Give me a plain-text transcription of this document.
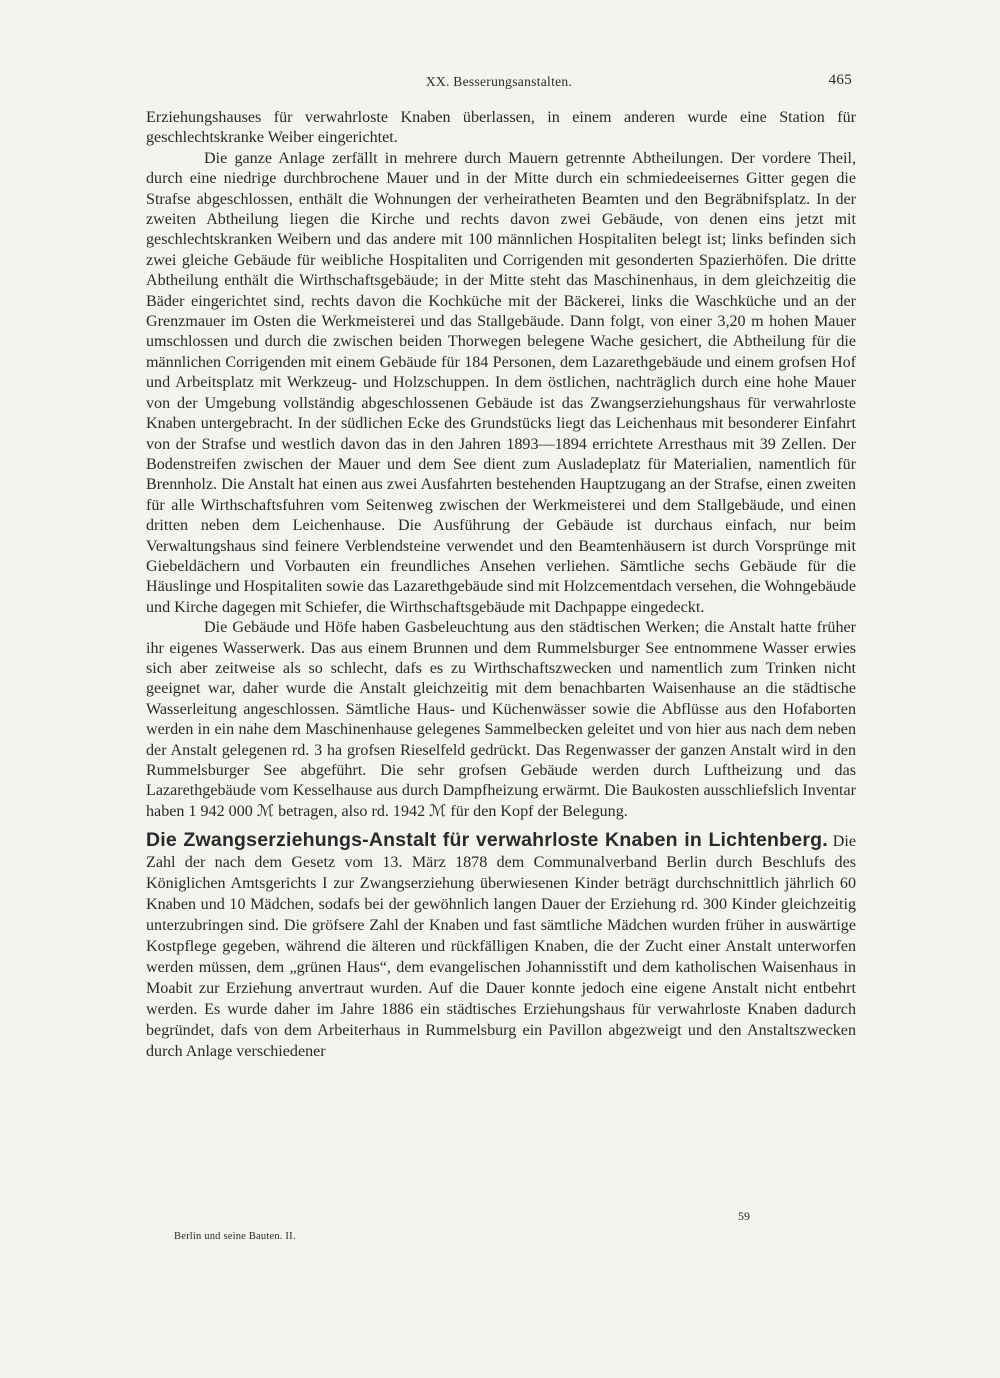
XX. Besserungsanstalten.	465

Erziehungshauses für verwahrloste Knaben überlassen, in einem anderen wurde eine Station für geschlechtskranke Weiber eingerichtet.

Die ganze Anlage zerfällt in mehrere durch Mauern getrennte Abtheilungen. Der vordere Theil, durch eine niedrige durchbrochene Mauer und in der Mitte durch ein schmiedeeisernes Gitter gegen die Strafse abgeschlossen, enthält die Wohnungen der verheiratheten Beamten und den Begräbnifsplatz. In der zweiten Abtheilung liegen die Kirche und rechts davon zwei Gebäude, von denen eins jetzt mit geschlechtskranken Weibern und das andere mit 100 männlichen Hospitaliten belegt ist; links befinden sich zwei gleiche Gebäude für weibliche Hospitaliten und Corrigenden mit gesonderten Spazierhöfen. Die dritte Abtheilung enthält die Wirthschaftsgebäude; in der Mitte steht das Maschinenhaus, in dem gleichzeitig die Bäder eingerichtet sind, rechts davon die Kochküche mit der Bäckerei, links die Waschküche und an der Grenzmauer im Osten die Werkmeisterei und das Stallgebäude. Dann folgt, von einer 3,20 m hohen Mauer umschlossen und durch die zwischen beiden Thorwegen belegene Wache gesichert, die Abtheilung für die männlichen Corrigenden mit einem Gebäude für 184 Personen, dem Lazarethgebäude und einem grofsen Hof und Arbeitsplatz mit Werkzeug- und Holzschuppen. In dem östlichen, nachträglich durch eine hohe Mauer von der Umgebung vollständig abgeschlossenen Gebäude ist das Zwangserziehungshaus für verwahrloste Knaben untergebracht. In der südlichen Ecke des Grundstücks liegt das Leichenhaus mit besonderer Einfahrt von der Strafse und westlich davon das in den Jahren 1893—1894 errichtete Arresthaus mit 39 Zellen. Der Bodenstreifen zwischen der Mauer und dem See dient zum Ausladeplatz für Materialien, namentlich für Brennholz. Die Anstalt hat einen aus zwei Ausfahrten bestehenden Hauptzugang an der Strafse, einen zweiten für alle Wirthschaftsfuhren vom Seitenweg zwischen der Werkmeisterei und dem Stallgebäude, und einen dritten neben dem Leichenhause. Die Ausführung der Gebäude ist durchaus einfach, nur beim Verwaltungshaus sind feinere Verblendsteine verwendet und den Beamtenhäusern ist durch Vorsprünge mit Giebeldächern und Vorbauten ein freundliches Ansehen verliehen. Sämtliche sechs Gebäude für die Häuslinge und Hospitaliten sowie das Lazarethgebäude sind mit Holzcementdach versehen, die Wohngebäude und Kirche dagegen mit Schiefer, die Wirthschaftsgebäude mit Dachpappe eingedeckt.

Die Gebäude und Höfe haben Gasbeleuchtung aus den städtischen Werken; die Anstalt hatte früher ihr eigenes Wasserwerk. Das aus einem Brunnen und dem Rummelsburger See entnommene Wasser erwies sich aber zeitweise als so schlecht, dafs es zu Wirthschaftszwecken und namentlich zum Trinken nicht geeignet war, daher wurde die Anstalt gleichzeitig mit dem benachbarten Waisenhause an die städtische Wasserleitung angeschlossen. Sämtliche Haus- und Küchenwässer sowie die Abflüsse aus den Hofaborten werden in ein nahe dem Maschinenhause gelegenes Sammelbecken geleitet und von hier aus nach dem neben der Anstalt gelegenen rd. 3 ha grofsen Rieselfeld gedrückt. Das Regenwasser der ganzen Anstalt wird in den Rummelsburger See abgeführt. Die sehr grofsen Gebäude werden durch Luftheizung und das Lazarethgebäude vom Kesselhause aus durch Dampfheizung erwärmt. Die Baukosten ausschliefslich Inventar haben 1 942 000 ℳ betragen, also rd. 1942 ℳ für den Kopf der Belegung.

Die Zwangserziehungs-Anstalt für verwahrloste Knaben in Lichtenberg. Die Zahl der nach dem Gesetz vom 13. März 1878 dem Communalverband Berlin durch Beschlufs des Königlichen Amtsgerichts I zur Zwangserziehung überwiesenen Kinder beträgt durchschnittlich jährlich 60 Knaben und 10 Mädchen, sodafs bei der gewöhnlich langen Dauer der Erziehung rd. 300 Kinder gleichzeitig unterzubringen sind. Die gröfsere Zahl der Knaben und fast sämtliche Mädchen wurden früher in auswärtige Kostpflege gegeben, während die älteren und rückfälligen Knaben, die der Zucht einer Anstalt unterworfen werden müssen, dem „grünen Haus“, dem evangelischen Johannisstift und dem katholischen Waisenhaus in Moabit zur Erziehung anvertraut wurden. Auf die Dauer konnte jedoch eine eigene Anstalt nicht entbehrt werden. Es wurde daher im Jahre 1886 ein städtisches Erziehungshaus für verwahrloste Knaben dadurch begründet, dafs von dem Arbeiterhaus in Rummelsburg ein Pavillon abgezweigt und den Anstaltszwecken durch Anlage verschiedener

59
Berlin und seine Bauten. II.
